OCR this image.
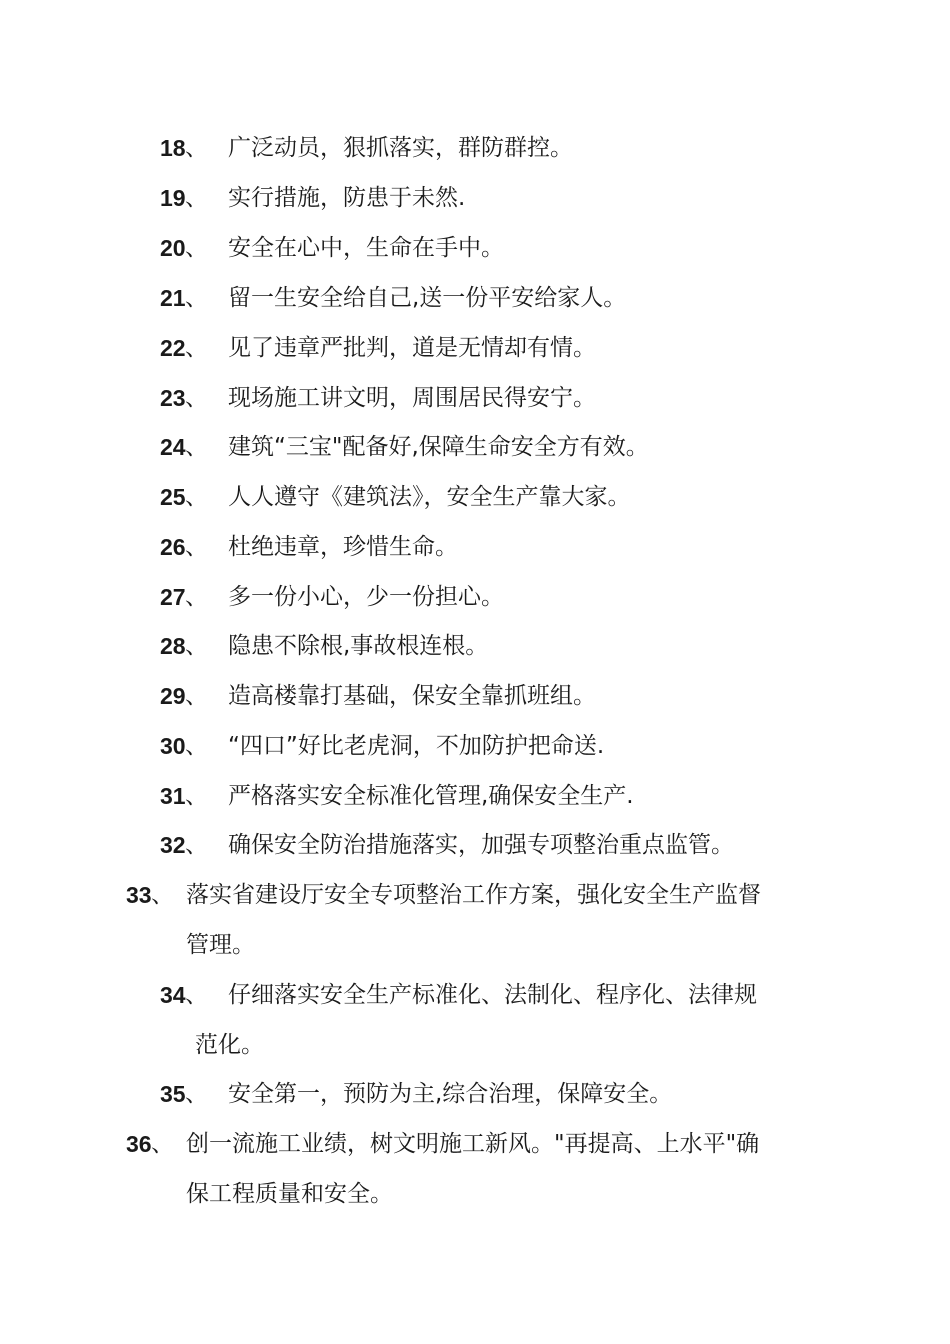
18 、 广泛动员，狠抓落实，群防群控。
19 、 实行措施，防患于未然.
20 、 安全在心中，生命在手中。
21 、 留一生安全给自己,送一份平安给家人。
22 、 见了违章严批判，道是无情却有情。
23 、 现场施工讲文明，周围居民得安宁。
24 、 建筑“三宝"配备好,保障生命安全方有效。
25 、 人人遵守《建筑法》，安全生产靠大家。
26 、 杜绝违章，珍惜生命。
27 、 多一份小心，少一份担心。
28 、 隐患不除根,事故根连根。
29 、 造高楼靠打基础，保安全靠抓班组。
30 、 “四口”好比老虎洞，不加防护把命送.
31 、 严格落实安全标准化管理,确保安全生产.
32 、 确保安全防治措施落实，加强专项整治重点监管。
33 、 落实省建设厅安全专项整治工作方案，强化安全生产监督
管理。
34 、 仔细落实安全生产标准化、法制化、程序化、法律规
范化。
35 、 安全第一，预防为主,综合治理，保障安全。
36 、 创一流施工业绩，树文明施工新风。"再提高、上水平"确
保工程质量和安全。
